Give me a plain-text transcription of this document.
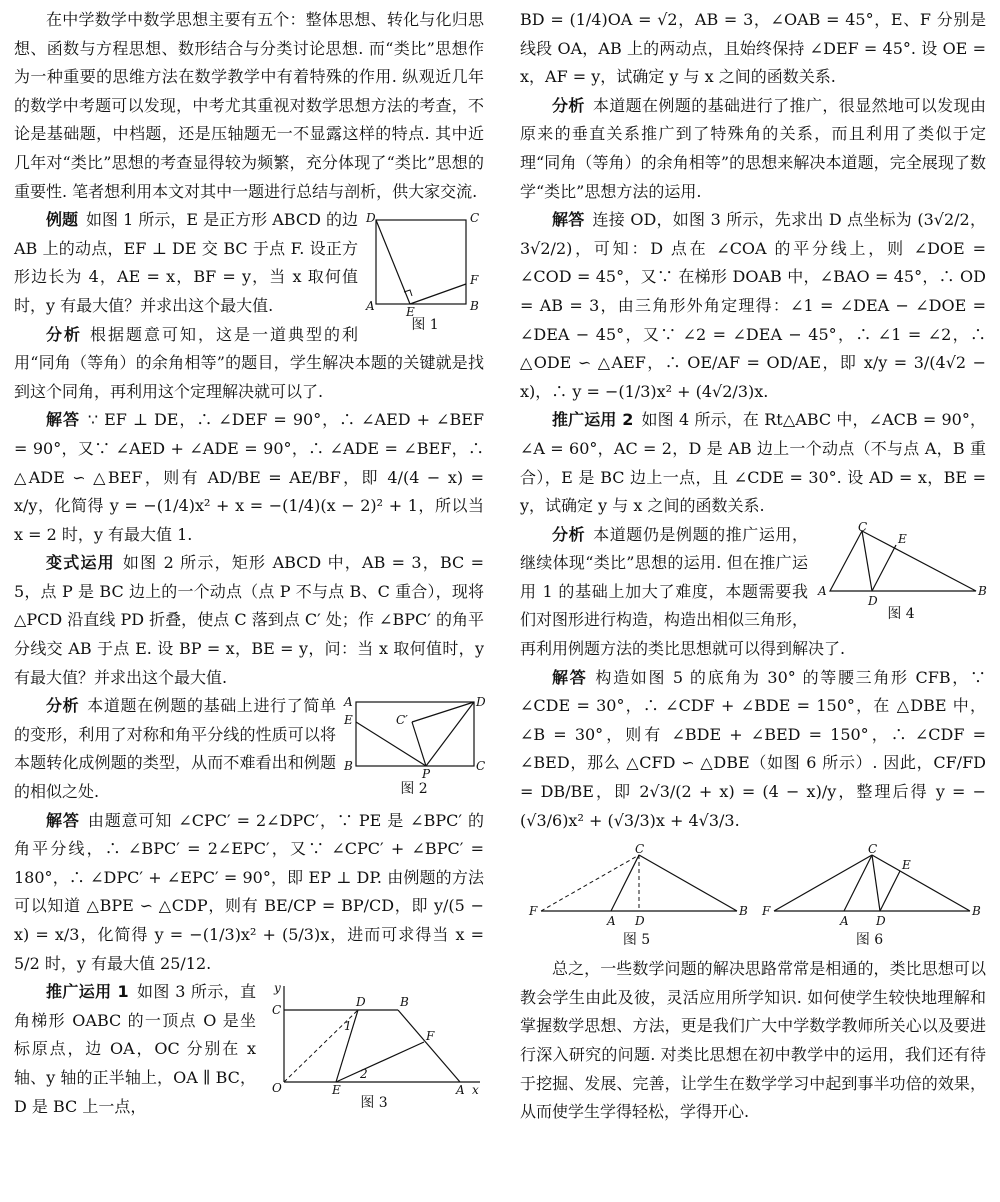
在中学数学中数学思想主要有五个：整体思想、转化与化归思想、函数与方程思想、数形结合与分类讨论思想. 而“类比”思想作为一种重要的思维方法在数学教学中有着特殊的作用. 纵观近几年的数学中考题可以发现，中考尤其重视对数学思想方法的考查，不论是基础题，中档题，还是压轴题无一不显露这样的特点. 其中近几年对“类比”思想的考查显得较为频繁，充分体现了“类比”思想的重要性. 笔者想利用本文对其中一题进行总结与剖析，供大家交流.

D	C
A	E	B
F
图 1

例题 如图 1 所示，E 是正方形 ABCD 的边 AB 上的动点，EF ⊥ DE 交 BC 于点 F. 设正方形边长为 4，AE = x，BF = y，当 x 取何值时，y 有最大值？并求出这个最大值.

分析 根据题意可知，这是一道典型的利用“同角（等角）的余角相等”的题目，学生解决本题的关键就是找到这个同角，再利用这个定理解决就可以了.

解答 ∵ EF ⊥ DE，∴ ∠DEF = 90°，∴ ∠AED + ∠BEF = 90°，又∵ ∠AED + ∠ADE = 90°，∴ ∠ADE = ∠BEF，∴ △ADE ∽ △BEF，则有 AD/BE = AE/BF，即 4/(4 − x) = x/y，化简得 y = −(1/4)x² + x = −(1/4)(x − 2)² + 1，所以当 x = 2 时，y 有最大值 1.

变式运用 如图 2 所示，矩形 ABCD 中，AB = 3，BC = 5，点 P 是 BC 边上的一个动点（点 P 不与点 B、C 重合），现将 △PCD 沿直线 PD 折叠，使点 C 落到点 C′ 处；作 ∠BPC′ 的角平分线交 AB 于点 E. 设 BP = x，BE = y，问：当 x 取何值时，y 有最大值？并求出这个最大值.

A	D
E	C′
B
P
C
图 2

分析 本道题在例题的基础上进行了简单的变形，利用了对称和角平分线的性质可以将本题转化成例题的类型，从而不难看出和例题的相似之处.

解答 由题意可知 ∠CPC′ = 2∠DPC′，∵ PE 是 ∠BPC′ 的角平分线，∴ ∠BPC′ = 2∠EPC′，又∵ ∠CPC′ + ∠BPC′ = 180°，∴ ∠DPC′ + ∠EPC′ = 90°，即 EP ⊥ DP. 由例题的方法可以知道 △BPE ∽ △CDP，则有 BE/CP = BP/CD，即 y/(5 − x) = x/3，化简得 y = −(1/3)x² + (5/3)x，进而可求得当 x = 5/2 时，y 有最大值 25/12.

y
C
D	B
1
F
2
O	E	A x
图 3

推广运用 1 如图 3 所示，直角梯形 OABC 的一顶点 O 是坐标原点，边 OA，OC 分别在 x 轴、y 轴的正半轴上，OA ∥ BC，D 是 BC 上一点，

BD = (1/4)OA = √2，AB = 3，∠OAB = 45°，E、F 分别是线段 OA，AB 上的两动点，且始终保持 ∠DEF = 45°. 设 OE = x，AF = y，试确定 y 与 x 之间的函数关系.

分析 本道题在例题的基础进行了推广，很显然地可以发现由原来的垂直关系推广到了特殊角的关系，而且利用了类似于定理“同角（等角）的余角相等”的思想来解决本道题，完全展现了数学“类比”思想方法的运用.

解答 连接 OD，如图 3 所示，先求出 D 点坐标为 (3√2/2，3√2/2)，可知：D 点在 ∠COA 的平分线上，则 ∠DOE = ∠COD = 45°，又∵ 在梯形 DOAB 中，∠BAO = 45°，∴ OD = AB = 3，由三角形外角定理得：∠1 = ∠DEA − ∠DOE = ∠DEA − 45°，又∵ ∠2 = ∠DEA − 45°，∴ ∠1 = ∠2，∴ △ODE ∽ △AEF，∴ OE/AF = OD/AE，即 x/y = 3/(4√2 − x)，∴ y = −(1/3)x² + (4√2/3)x.

推广运用 2 如图 4 所示，在 Rt△ABC 中，∠ACB = 90°，∠A = 60°，AC = 2，D 是 AB 边上一个动点（不与点 A，B 重合），E 是 BC 边上一点，且 ∠CDE = 30°. 设 AD = x，BE = y，试确定 y 与 x 之间的函数关系.

C
E
A
D
B
图 4

分析 本道题仍是例题的推广运用，继续体现“类比”思想的运用. 但在推广运用 1 的基础上加大了难度，本题需要我们对图形进行构造，构造出相似三角形，再利用例题方法的类比思想就可以得到解决了.

解答 构造如图 5 的底角为 30° 的等腰三角形 CFB，∵ ∠CDE = 30°，∴ ∠CDF + ∠BDE = 150°，在 △DBE 中，∠B = 30°，则有 ∠BDE + ∠BED = 150°，∴ ∠CDF = ∠BED，那么 △CFD ∽ △DBE（如图 6 所示）. 因此，CF/FD = DB/BE，即 2√3/(2 + x) = (4 − x)/y，整理后得 y = −(√3/6)x² + (√3/3)x + 4√3/3.

C
F
A D
B
图 5
C
E
F
A D
B
图 6

总之，一些数学问题的解决思路常常是相通的，类比思想可以教会学生由此及彼，灵活应用所学知识. 如何使学生较快地理解和掌握数学思想、方法，更是我们广大中学数学教师所关心以及要进行深入研究的问题. 对类比思想在初中教学中的运用，我们还有待于挖掘、发展、完善，让学生在数学学习中起到事半功倍的效果，从而使学生学得轻松，学得开心.
